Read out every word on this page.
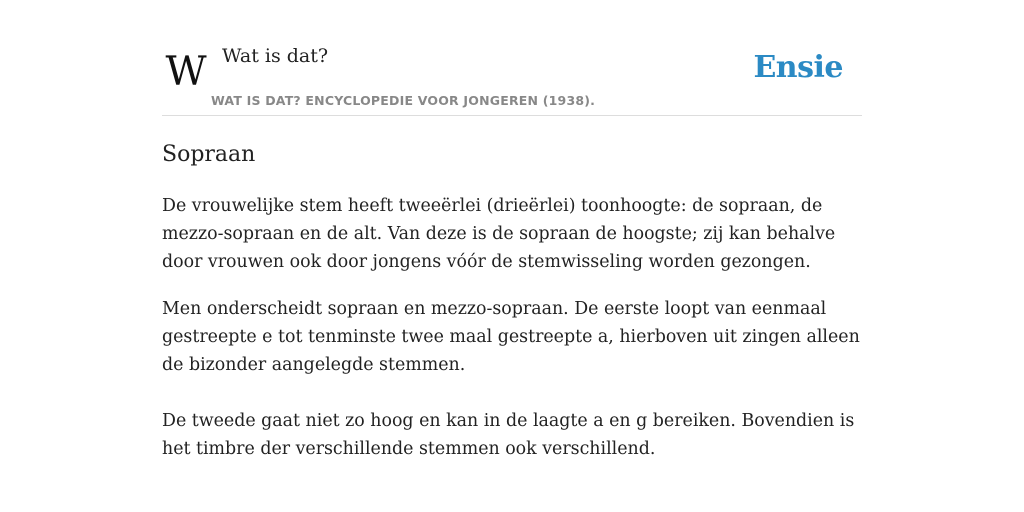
W Wat is dat?
WAT IS DAT? ENCYCLOPEDIE VOOR JONGEREN (1938).
Ensie
Sopraan

De vrouwelijke stem heeft tweeërlei (drieërlei) toonhoogte: de sopraan, de mezzo-sopraan en de alt. Van deze is de sopraan de hoogste; zij kan behalve door vrouwen ook door jongens vóór de stemwisseling worden gezongen.

Men onderscheidt sopraan en mezzo-sopraan. De eerste loopt van eenmaal gestreepte e tot tenminste twee maal gestreepte a, hierboven uit zingen alleen de bizonder aangelegde stemmen.

De tweede gaat niet zo hoog en kan in de laagte a en g bereiken. Bovendien is het timbre der verschillende stemmen ook verschillend.
